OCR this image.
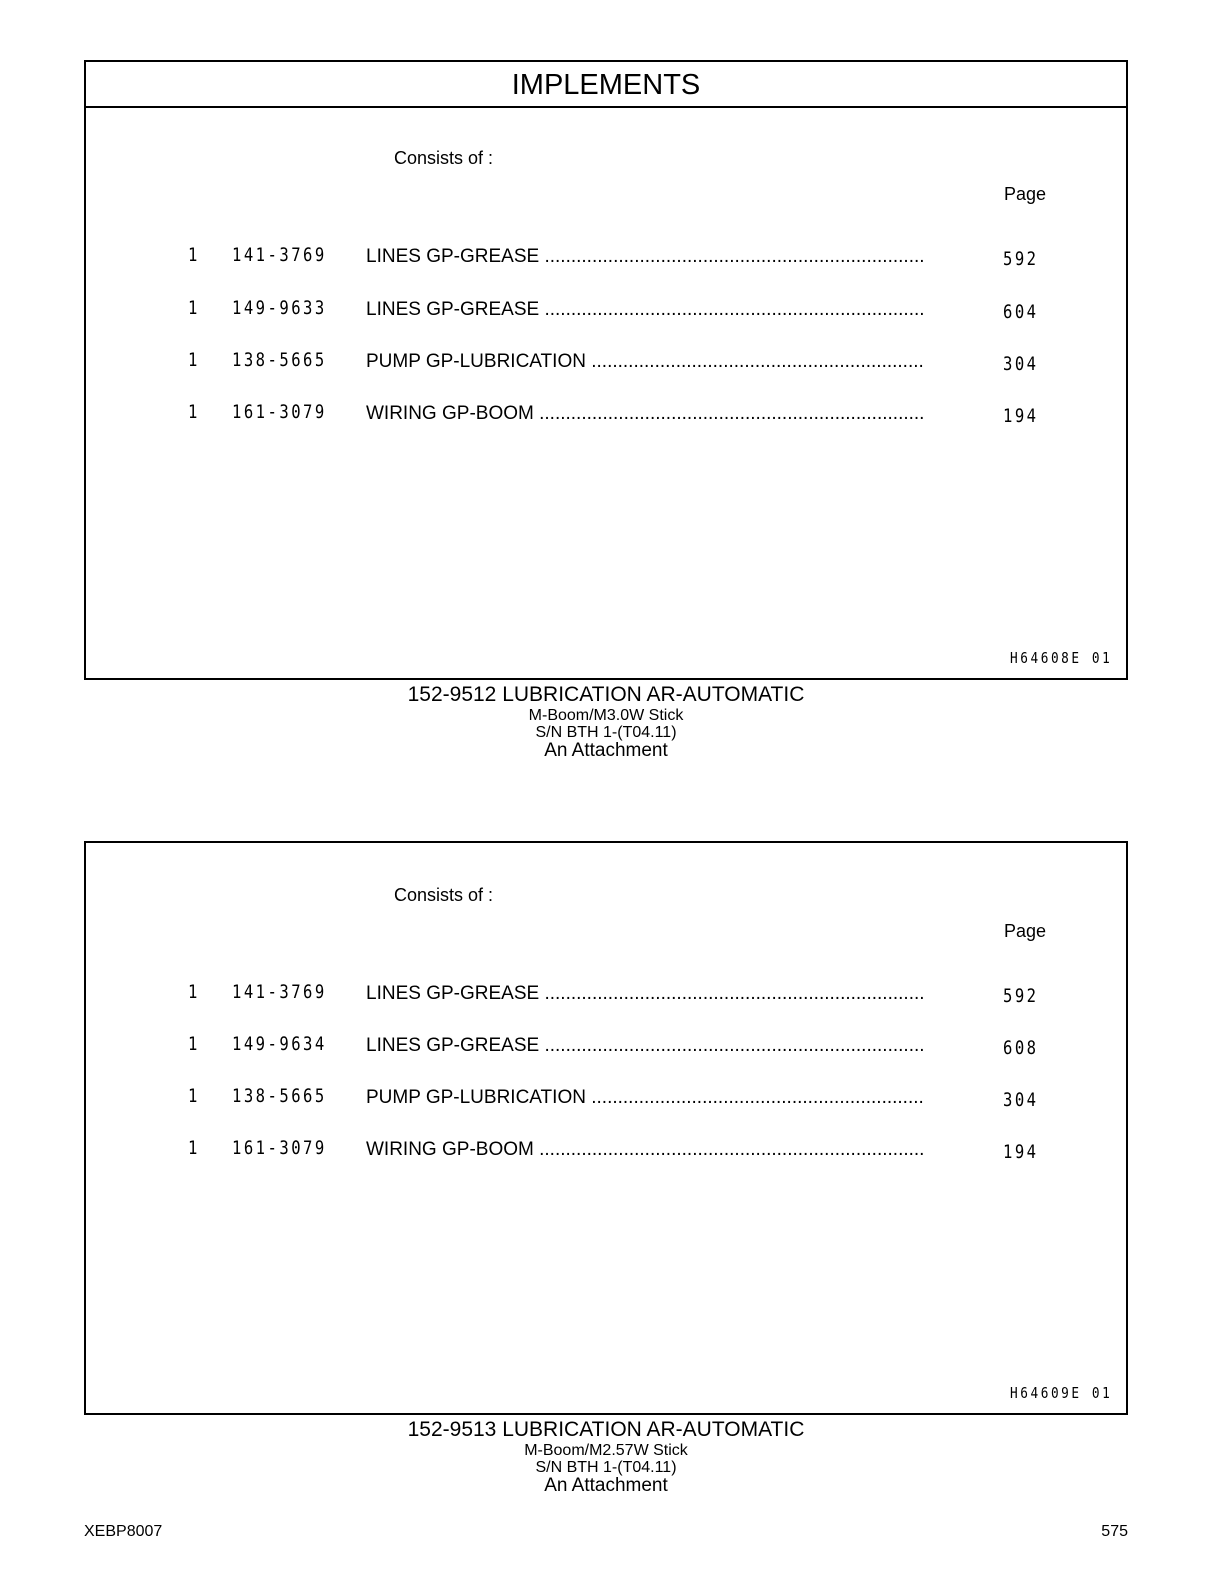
IMPLEMENTS
Consists of :
Page
1 141-3769 LINES GP-GREASE .....	592
1 149-9633 LINES GP-GREASE .....	604
1 138-5665 PUMP GP-LUBRICATION .....	304
1 161-3079 WIRING GP-BOOM .....	194
H64608E 01
152-9512 LUBRICATION AR-AUTOMATIC
M-Boom/M3.0W Stick
S/N BTH 1-(T04.11)
An Attachment
Consists of :
Page
1 141-3769 LINES GP-GREASE .....	592
1 149-9634 LINES GP-GREASE .....	608
1 138-5665 PUMP GP-LUBRICATION .....	304
1 161-3079 WIRING GP-BOOM .....	194
H64609E 01
152-9513 LUBRICATION AR-AUTOMATIC
M-Boom/M2.57W Stick
S/N BTH 1-(T04.11)
An Attachment
XEBP8007	575
